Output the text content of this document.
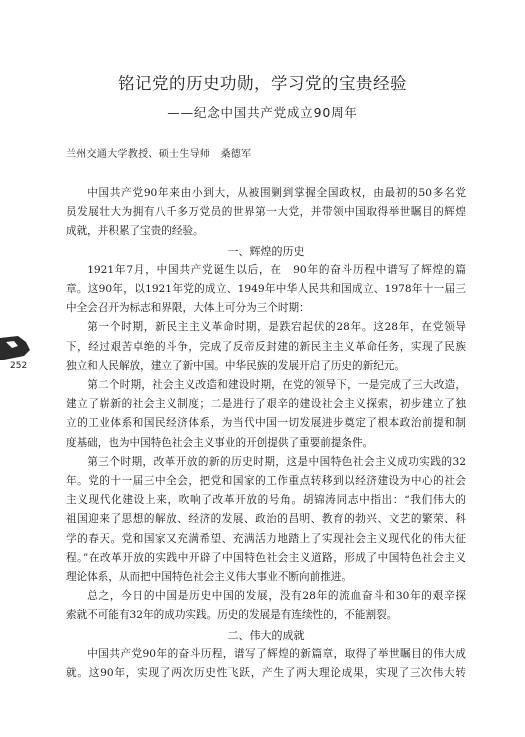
铭记党的历史功勋，学习党的宝贵经验
——纪念中国共产党成立90周年
兰州交通大学教授、硕士生导师　桑德军
中国共产党90年来由小到大，从被围剿到掌握全国政权，由最初的50多名党
员发展壮大为拥有八千多万党员的世界第一大党，并带领中国取得举世瞩目的辉煌
成就，并积累了宝贵的经验。
一、辉煌的历史
1921年7月，中国共产党诞生以后，在　90年的奋斗历程中谱写了辉煌的篇
章。这90年，以1921年党的成立、1949年中华人民共和国成立、1978年十一届三
中全会召开为标志和界限，大体上可分为三个时期：
第一个时期，新民主主义革命时期，是跌宕起伏的28年。这28年，在党领导
下，经过艰苦卓绝的斗争，完成了反帝反封建的新民主主义革命任务，实现了民族
独立和人民解放，建立了新中国。中华民族的发展开启了历史的新纪元。
第二个时期，社会主义改造和建设时期，在党的领导下，一是完成了三大改造，
建立了崭新的社会主义制度；二是进行了艰辛的建设社会主义探索，初步建立了独
立的工业体系和国民经济体系，为当代中国一切发展进步奠定了根本政治前提和制
度基础，也为中国特色社会主义事业的开创提供了重要前提条件。
第三个时期，改革开放的新的历史时期，这是中国特色社会主义成功实践的32
年。党的十一届三中全会，把党和国家的工作重点转移到以经济建设为中心的社会
主义现代化建设上来，吹响了改革开放的号角。胡锦涛同志中指出：“我们伟大的
祖国迎来了思想的解放、经济的发展、政治的昌明、教育的勃兴、文艺的繁荣、科
学的春天。党和国家又充满希望、充满活力地踏上了实现社会主义现代化的伟大征
程。”在改革开放的实践中开辟了中国特色社会主义道路，形成了中国特色社会主义
理论体系，从而把中国特色社会主义伟大事业不断向前推进。
总之，今日的中国是历史中国的发展，没有28年的流血奋斗和30年的艰辛探
索就不可能有32年的成功实践。历史的发展是有连续性的，不能割裂。
二、伟大的成就
中国共产党90年的奋斗历程，谱写了辉煌的新篇章，取得了举世瞩目的伟大成
就。这90年，实现了两次历史性飞跃，产生了两大理论成果，实现了三次伟大转
252
